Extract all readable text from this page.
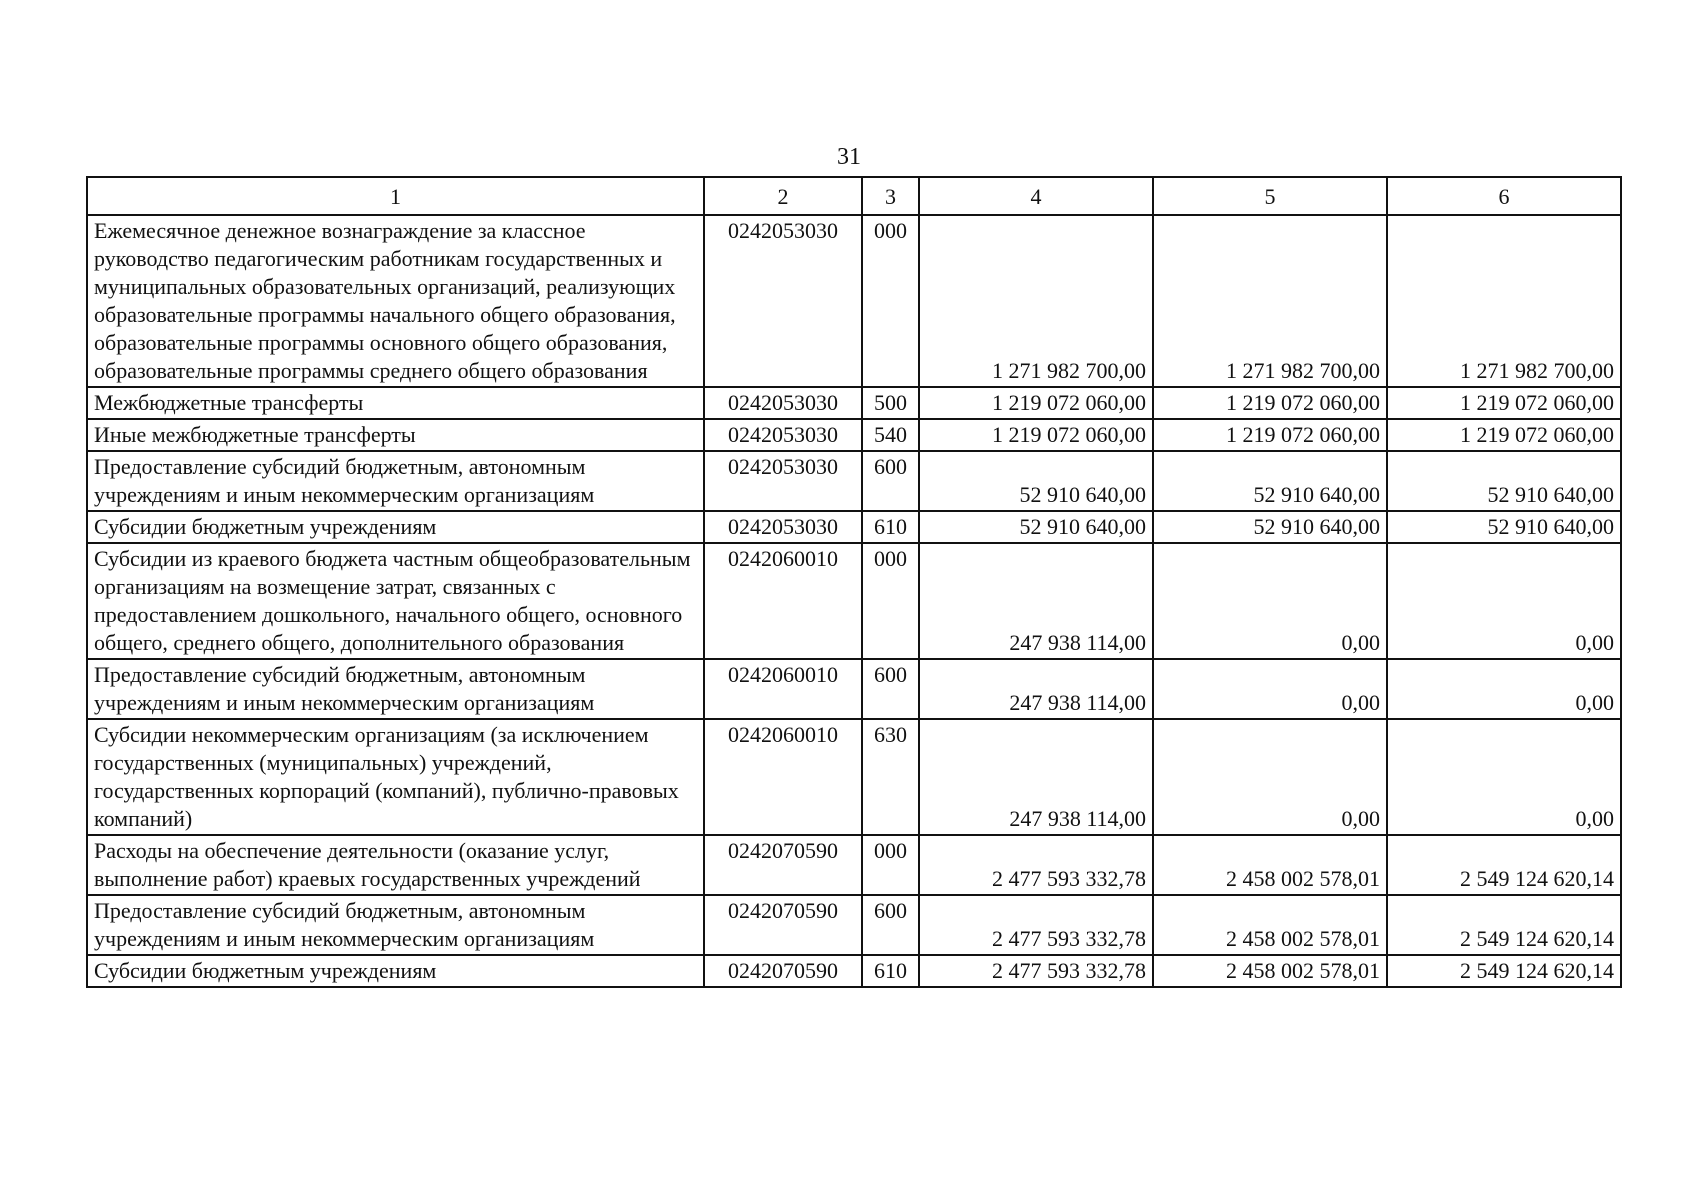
31
1	2	3	4	5	6
Ежемесячное денежное вознаграждение за классное руководство педагогическим работникам государственных и муниципальных образовательных организаций, реализующих образовательные программы начального общего образования, образовательные программы основного общего образования, образовательные программы среднего общего образования	0242053030	000	1 271 982 700,00	1 271 982 700,00	1 271 982 700,00
Межбюджетные трансферты	0242053030	500	1 219 072 060,00	1 219 072 060,00	1 219 072 060,00
Иные межбюджетные трансферты	0242053030	540	1 219 072 060,00	1 219 072 060,00	1 219 072 060,00
Предоставление субсидий бюджетным, автономным учреждениям и иным некоммерческим организациям	0242053030	600	52 910 640,00	52 910 640,00	52 910 640,00
Субсидии бюджетным учреждениям	0242053030	610	52 910 640,00	52 910 640,00	52 910 640,00
Субсидии из краевого бюджета частным общеобразовательным организациям на возмещение затрат, связанных с предоставлением дошкольного, начального общего, основного общего, среднего общего, дополнительного образования	0242060010	000	247 938 114,00	0,00	0,00
Предоставление субсидий бюджетным, автономным учреждениям и иным некоммерческим организациям	0242060010	600	247 938 114,00	0,00	0,00
Субсидии некоммерческим организациям (за исключением государственных (муниципальных) учреждений, государственных корпораций (компаний), публично-правовых компаний)	0242060010	630	247 938 114,00	0,00	0,00
Расходы на обеспечение деятельности (оказание услуг, выполнение работ) краевых государственных учреждений	0242070590	000	2 477 593 332,78	2 458 002 578,01	2 549 124 620,14
Предоставление субсидий бюджетным, автономным учреждениям и иным некоммерческим организациям	0242070590	600	2 477 593 332,78	2 458 002 578,01	2 549 124 620,14
Субсидии бюджетным учреждениям	0242070590	610	2 477 593 332,78	2 458 002 578,01	2 549 124 620,14
